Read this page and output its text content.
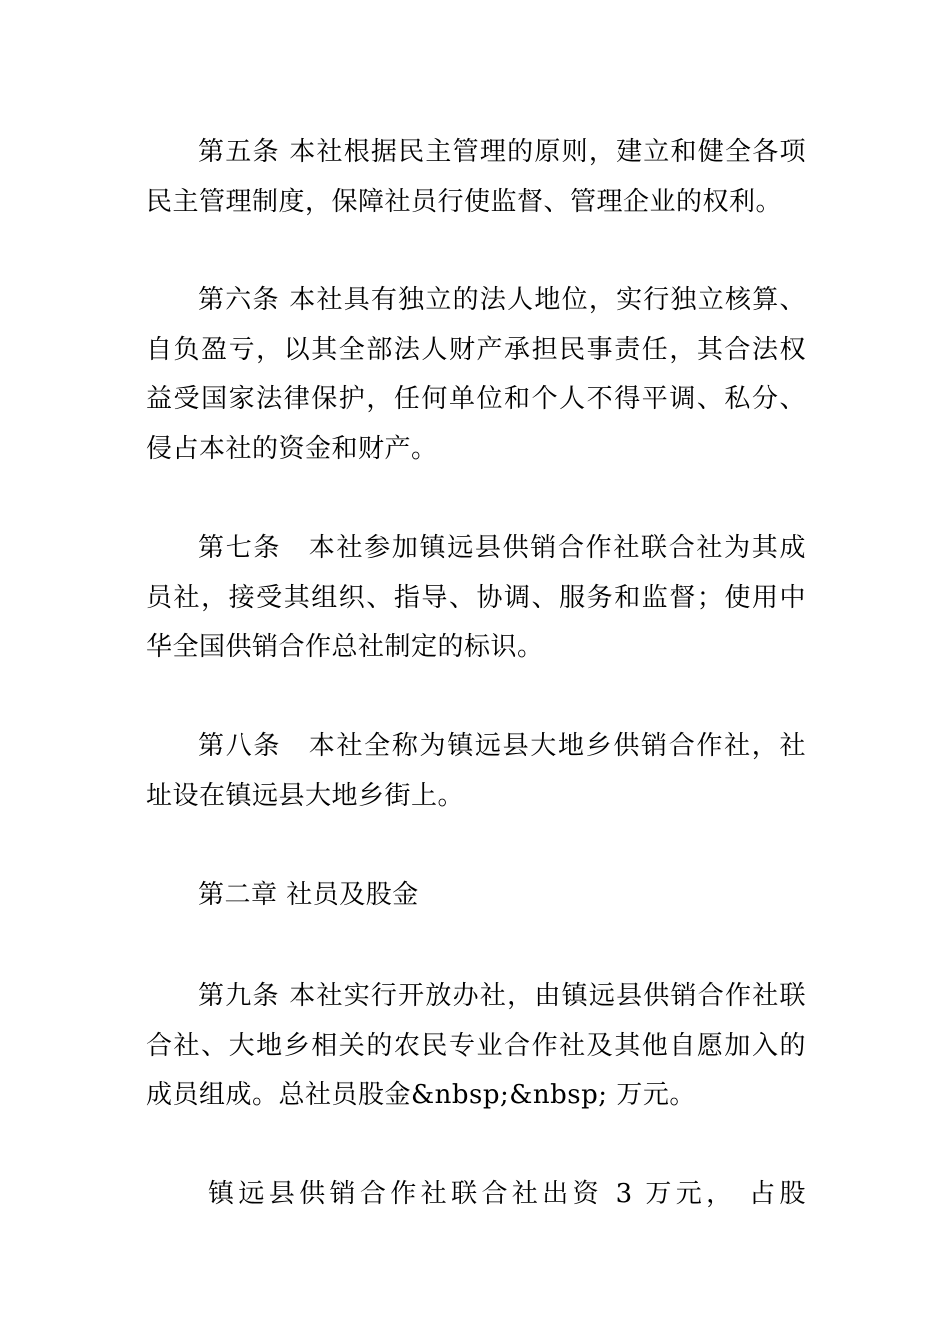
第五条 本社根据民主管理的原则，建立和健全各项民主管理制度，保障社员行使监督、管理企业的权利。

第六条 本社具有独立的法人地位，实行独立核算、自负盈亏，以其全部法人财产承担民事责任，其合法权益受国家法律保护，任何单位和个人不得平调、私分、侵占本社的资金和财产。

第七条　本社参加镇远县供销合作社联合社为其成员社，接受其组织、指导、协调、服务和监督；使用中华全国供销合作总社制定的标识。

第八条　本社全称为镇远县大地乡供销合作社，社址设在镇远县大地乡街上。

第二章 社员及股金

第九条 本社实行开放办社，由镇远县供销合作社联合社、大地乡相关的农民专业合作社及其他自愿加入的成员组成。总社员股金&nbsp;&nbsp; 万元。

镇远县供销合作社联合社出资 3 万元， 占股
